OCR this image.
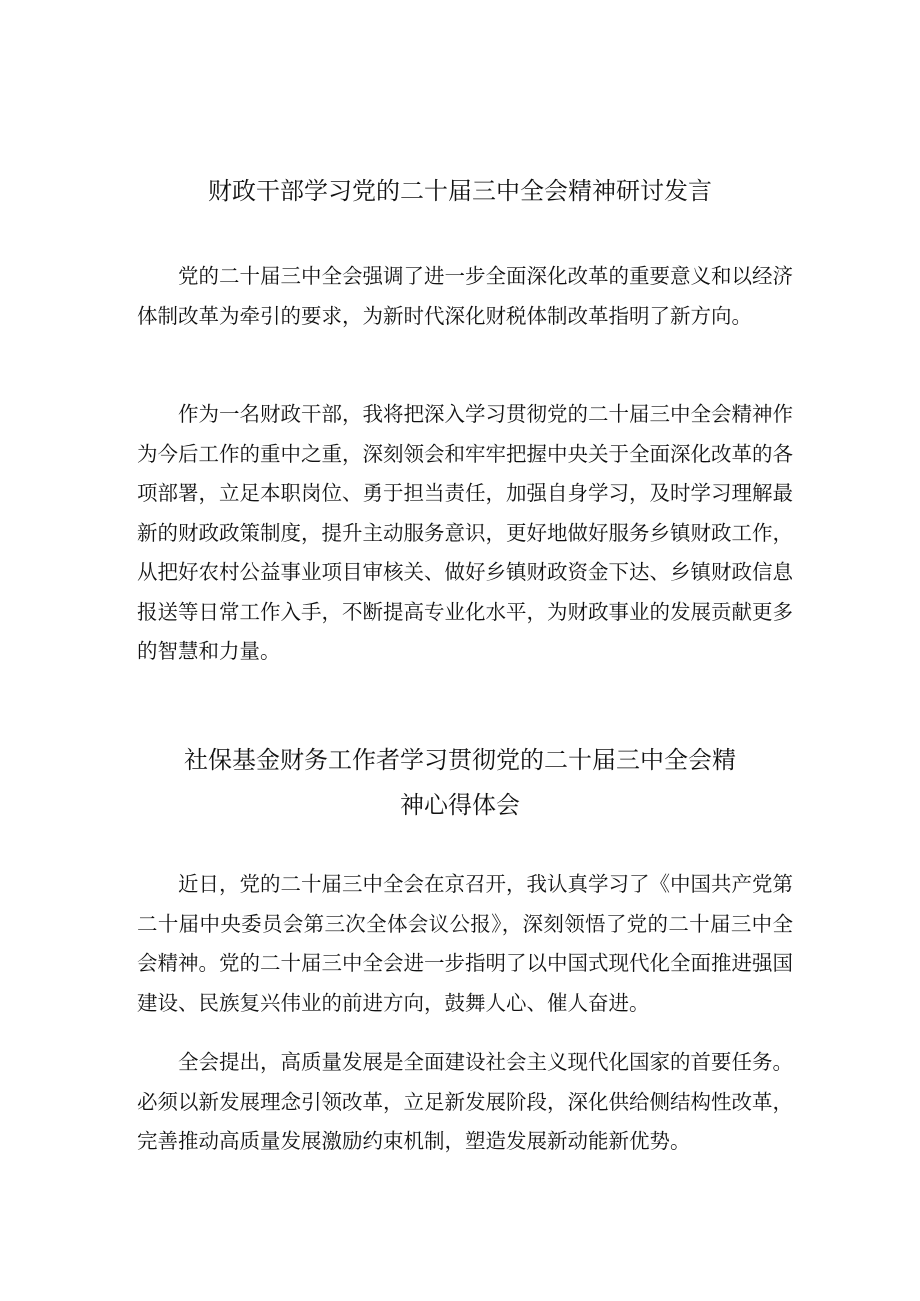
财政干部学习党的二十届三中全会精神研讨发言

党的二十届三中全会强调了进一步全面深化改革的重要意义和以经济体制改革为牵引的要求，为新时代深化财税体制改革指明了新方向。

作为一名财政干部，我将把深入学习贯彻党的二十届三中全会精神作为今后工作的重中之重，深刻领会和牢牢把握中央关于全面深化改革的各项部署，立足本职岗位、勇于担当责任，加强自身学习，及时学习理解最新的财政政策制度，提升主动服务意识，更好地做好服务乡镇财政工作，从把好农村公益事业项目审核关、做好乡镇财政资金下达、乡镇财政信息报送等日常工作入手，不断提高专业化水平，为财政事业的发展贡献更多的智慧和力量。

社保基金财务工作者学习贯彻党的二十届三中全会精
神心得体会

近日，党的二十届三中全会在京召开，我认真学习了《中国共产党第二十届中央委员会第三次全体会议公报》，深刻领悟了党的二十届三中全会精神。党的二十届三中全会进一步指明了以中国式现代化全面推进强国建设、民族复兴伟业的前进方向，鼓舞人心、催人奋进。

全会提出，高质量发展是全面建设社会主义现代化国家的首要任务。必须以新发展理念引领改革，立足新发展阶段，深化供给侧结构性改革，完善推动高质量发展激励约束机制，塑造发展新动能新优势。
